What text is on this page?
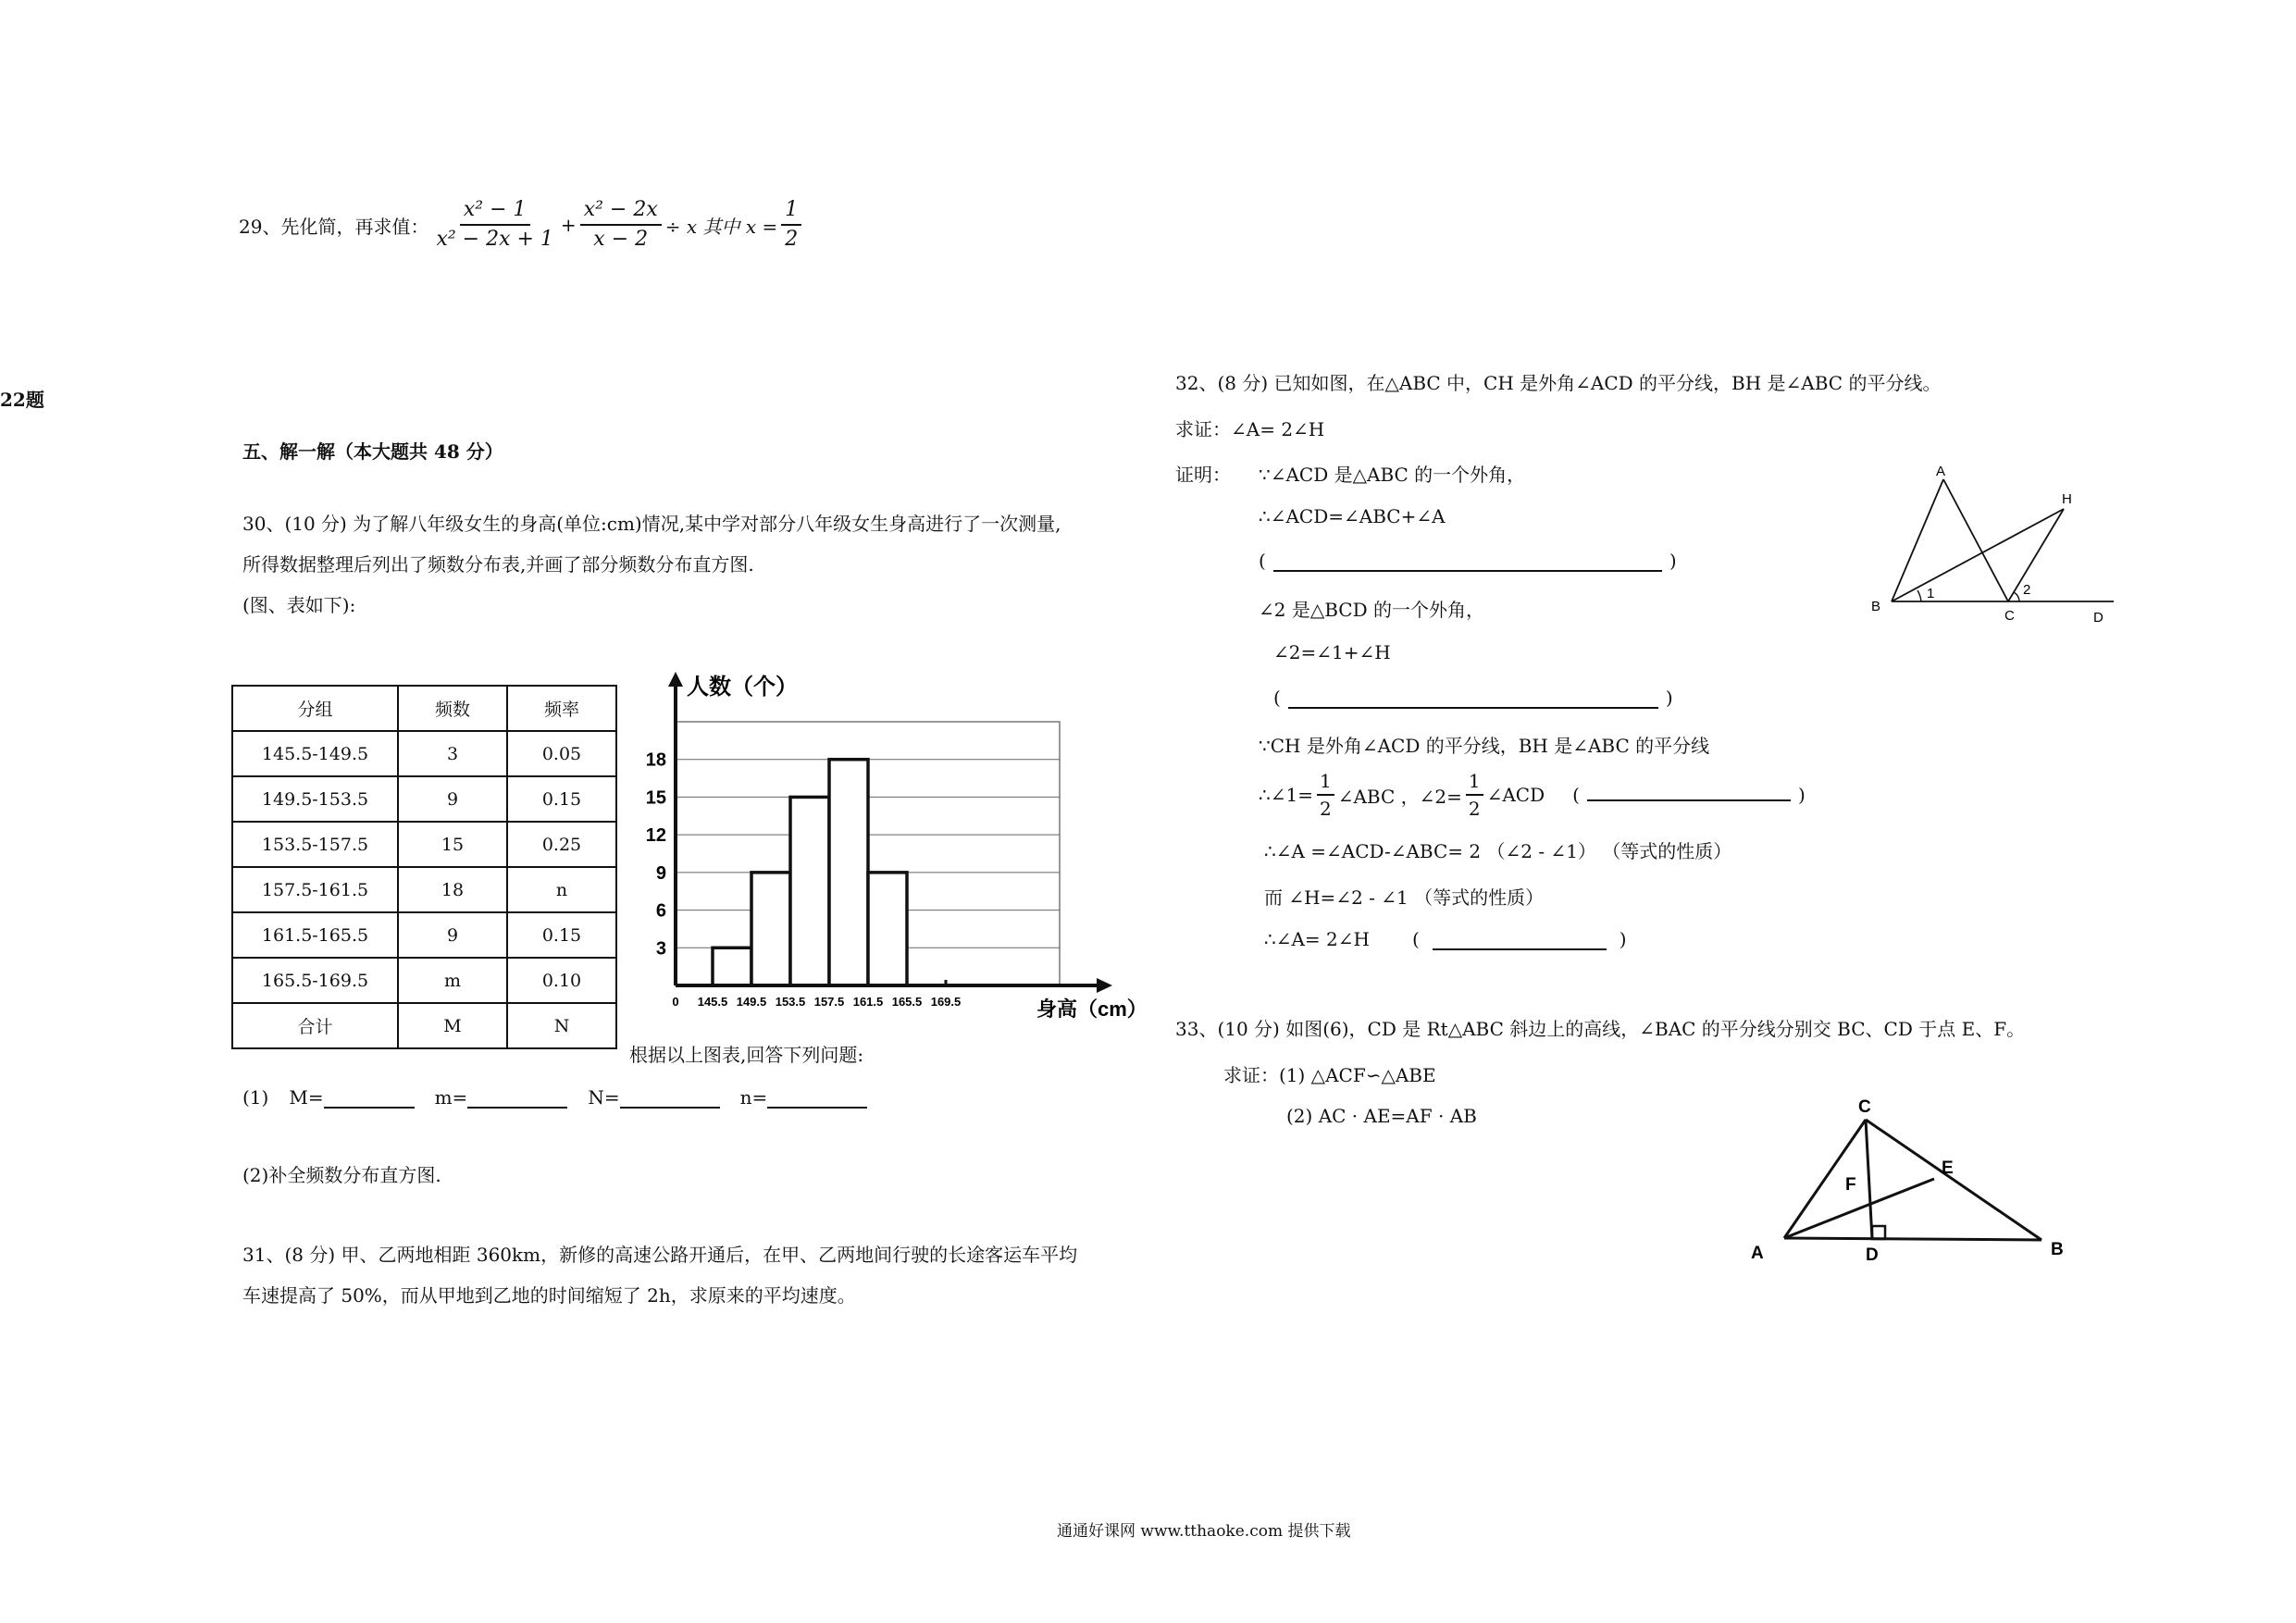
22题
29、先化简，再求值： $\frac{\text{x² − 1}}{\text{x² − 2x + 1}} + \frac{\text{x² − 2x}}{x - 2} \div x$ 其中 $x = \frac{1}{2}$
五、解一解（本大题共 48 分）
30、(10 分) 为了解八年级女生的身高(单位:cm)情况,某中学对部分八年级女生身高进行了一次测量,
所得数据整理后列出了频数分布表,并画了部分频数分布直方图.
(图、表如下):
分组	频数	频率
145.5-149.5	3	0.05
149.5-153.5	9	0.15
153.5-157.5	15	0.25
157.5-161.5	18	n
161.5-165.5	9	0.15
165.5-169.5	m	0.10
合计	M	N
3
6
9
12
15
18
0 145.5 149.5 153.5 157.5 161.5 165.5 169.5
人数（个）
身高（cm）
根据以上图表,回答下列问题:
(1) M=	m=	N=	n=
(2)补全频数分布直方图.
31、(8 分) 甲、乙两地相距 360km，新修的高速公路开通后，在甲、乙两地间行驶的长途客运车平均
车速提高了 50%，而从甲地到乙地的时间缩短了 2h，求原来的平均速度。
32、(8 分) 已知如图，在△ABC 中，CH 是外角∠ACD 的平分线，BH 是∠ABC 的平分线。
求证：∠A= 2∠H
证明： ∵∠ACD 是△ABC 的一个外角，
∴∠ACD=∠ABC+∠A
(	)
∠2 是△BCD 的一个外角，
∠2=∠1+∠H
(	)
∵CH 是外角∠ACD 的平分线，BH 是∠ABC 的平分线
∴∠1= $\frac{1}{2}$ ∠ABC ，∠2= $\frac{1}{2}$ ∠ACD (	)
∴∠A =∠ACD-∠ABC= 2 （∠2 - ∠1） （等式的性质）
而 ∠H=∠2 - ∠1 （等式的性质）
∴∠A= 2∠H (	)
A
H
B
C	D
1	2
33、(10 分) 如图(6)，CD 是 Rt△ABC 斜边上的高线，∠BAC 的平分线分别交 BC、CD 于点 E、F。
求证：(1) △ACF∽△ABE
(2) AC · AE=AF · AB	C
E
F
A	D	B
通通好课网 www.tthaoke.com 提供下载
